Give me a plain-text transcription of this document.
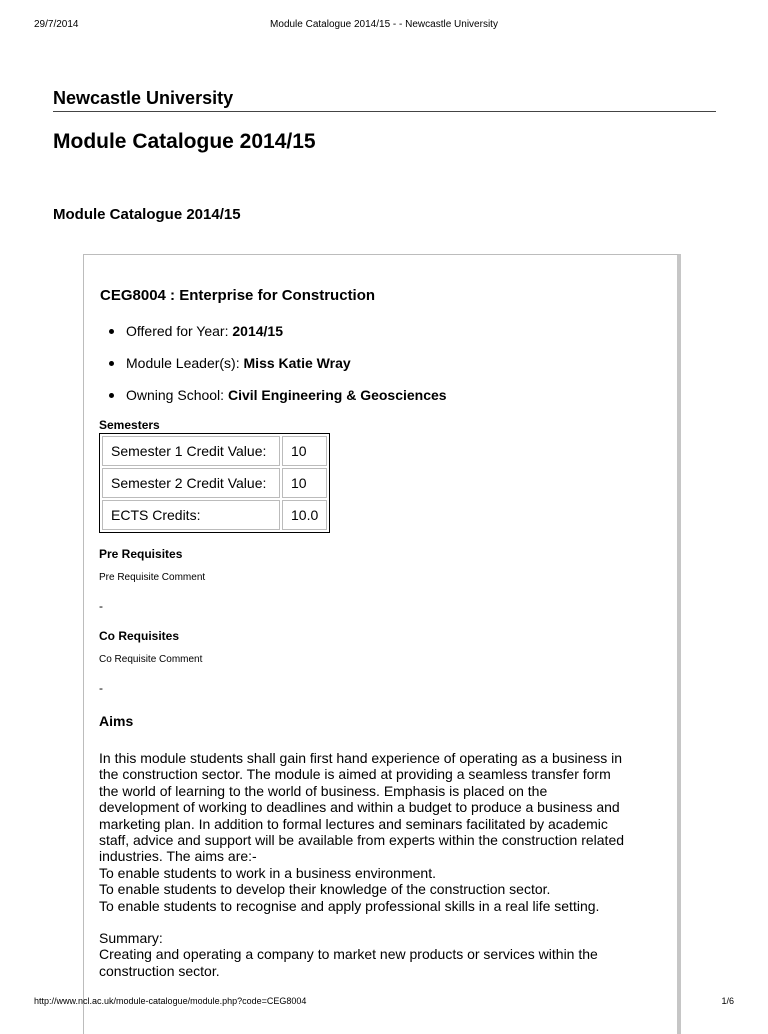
29/7/2014	Module Catalogue 2014/15 - - Newcastle University
Newcastle University
Module Catalogue 2014/15
Module Catalogue 2014/15
CEG8004 : Enterprise for Construction
Offered for Year: 2014/15
Module Leader(s): Miss Katie Wray
Owning School: Civil Engineering & Geosciences
Semesters
Semester 1 Credit Value:	10
Semester 2 Credit Value:	10
ECTS Credits:	10.0
Pre Requisites
Pre Requisite Comment
-
Co Requisites
Co Requisite Comment
-
Aims

In this module students shall gain first hand experience of operating as a business in

the construction sector. The module is aimed at providing a seamless transfer form

the world of learning to the world of business. Emphasis is placed on the

development of working to deadlines and within a budget to produce a business and

marketing plan. In addition to formal lectures and seminars facilitated by academic

staff, advice and support will be available from experts within the construction related

industries. The aims are:-

To enable students to work in a business environment.

To enable students to develop their knowledge of the construction sector.

To enable students to recognise and apply professional skills in a real life setting.

Summary:

Creating and operating a company to market new products or services within the

construction sector.

http://www.ncl.ac.uk/module-catalogue/module.php?code=CEG8004	1/6
